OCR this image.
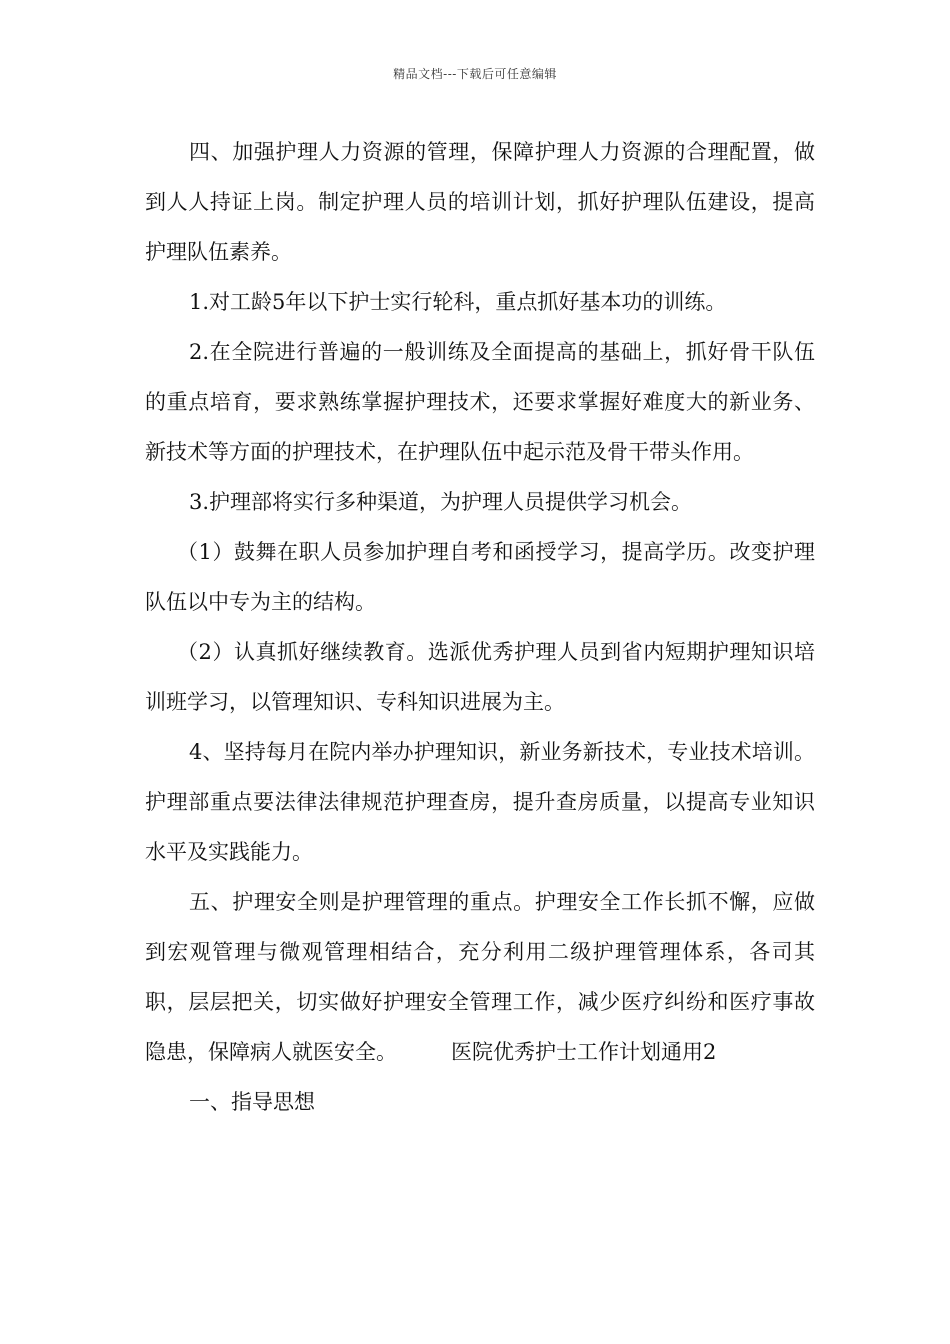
精品文档---下载后可任意编辑

四、加强护理人力资源的管理，保障护理人力资源的合理配置，做到人人持证上岗。制定护理人员的培训计划，抓好护理队伍建设，提高护理队伍素养。

1.对工龄5年以下护士实行轮科，重点抓好基本功的训练。

2.在全院进行普遍的一般训练及全面提高的基础上，抓好骨干队伍的重点培育，要求熟练掌握护理技术，还要求掌握好难度大的新业务、新技术等方面的护理技术，在护理队伍中起示范及骨干带头作用。

3.护理部将实行多种渠道，为护理人员提供学习机会。

（1）鼓舞在职人员参加护理自考和函授学习，提高学历。改变护理队伍以中专为主的结构。

（2）认真抓好继续教育。选派优秀护理人员到省内短期护理知识培训班学习，以管理知识、专科知识进展为主。

4、坚持每月在院内举办护理知识，新业务新技术，专业技术培训。护理部重点要法律法律规范护理查房，提升查房质量，以提高专业知识水平及实践能力。

五、护理安全则是护理管理的重点。护理安全工作长抓不懈，应做到宏观管理与微观管理相结合，充分利用二级护理管理体系，各司其职，层层把关，切实做好护理安全管理工作，减少医疗纠纷和医疗事故隐患，保障病人就医安全。	医院优秀护士工作计划通用2

一、指导思想
